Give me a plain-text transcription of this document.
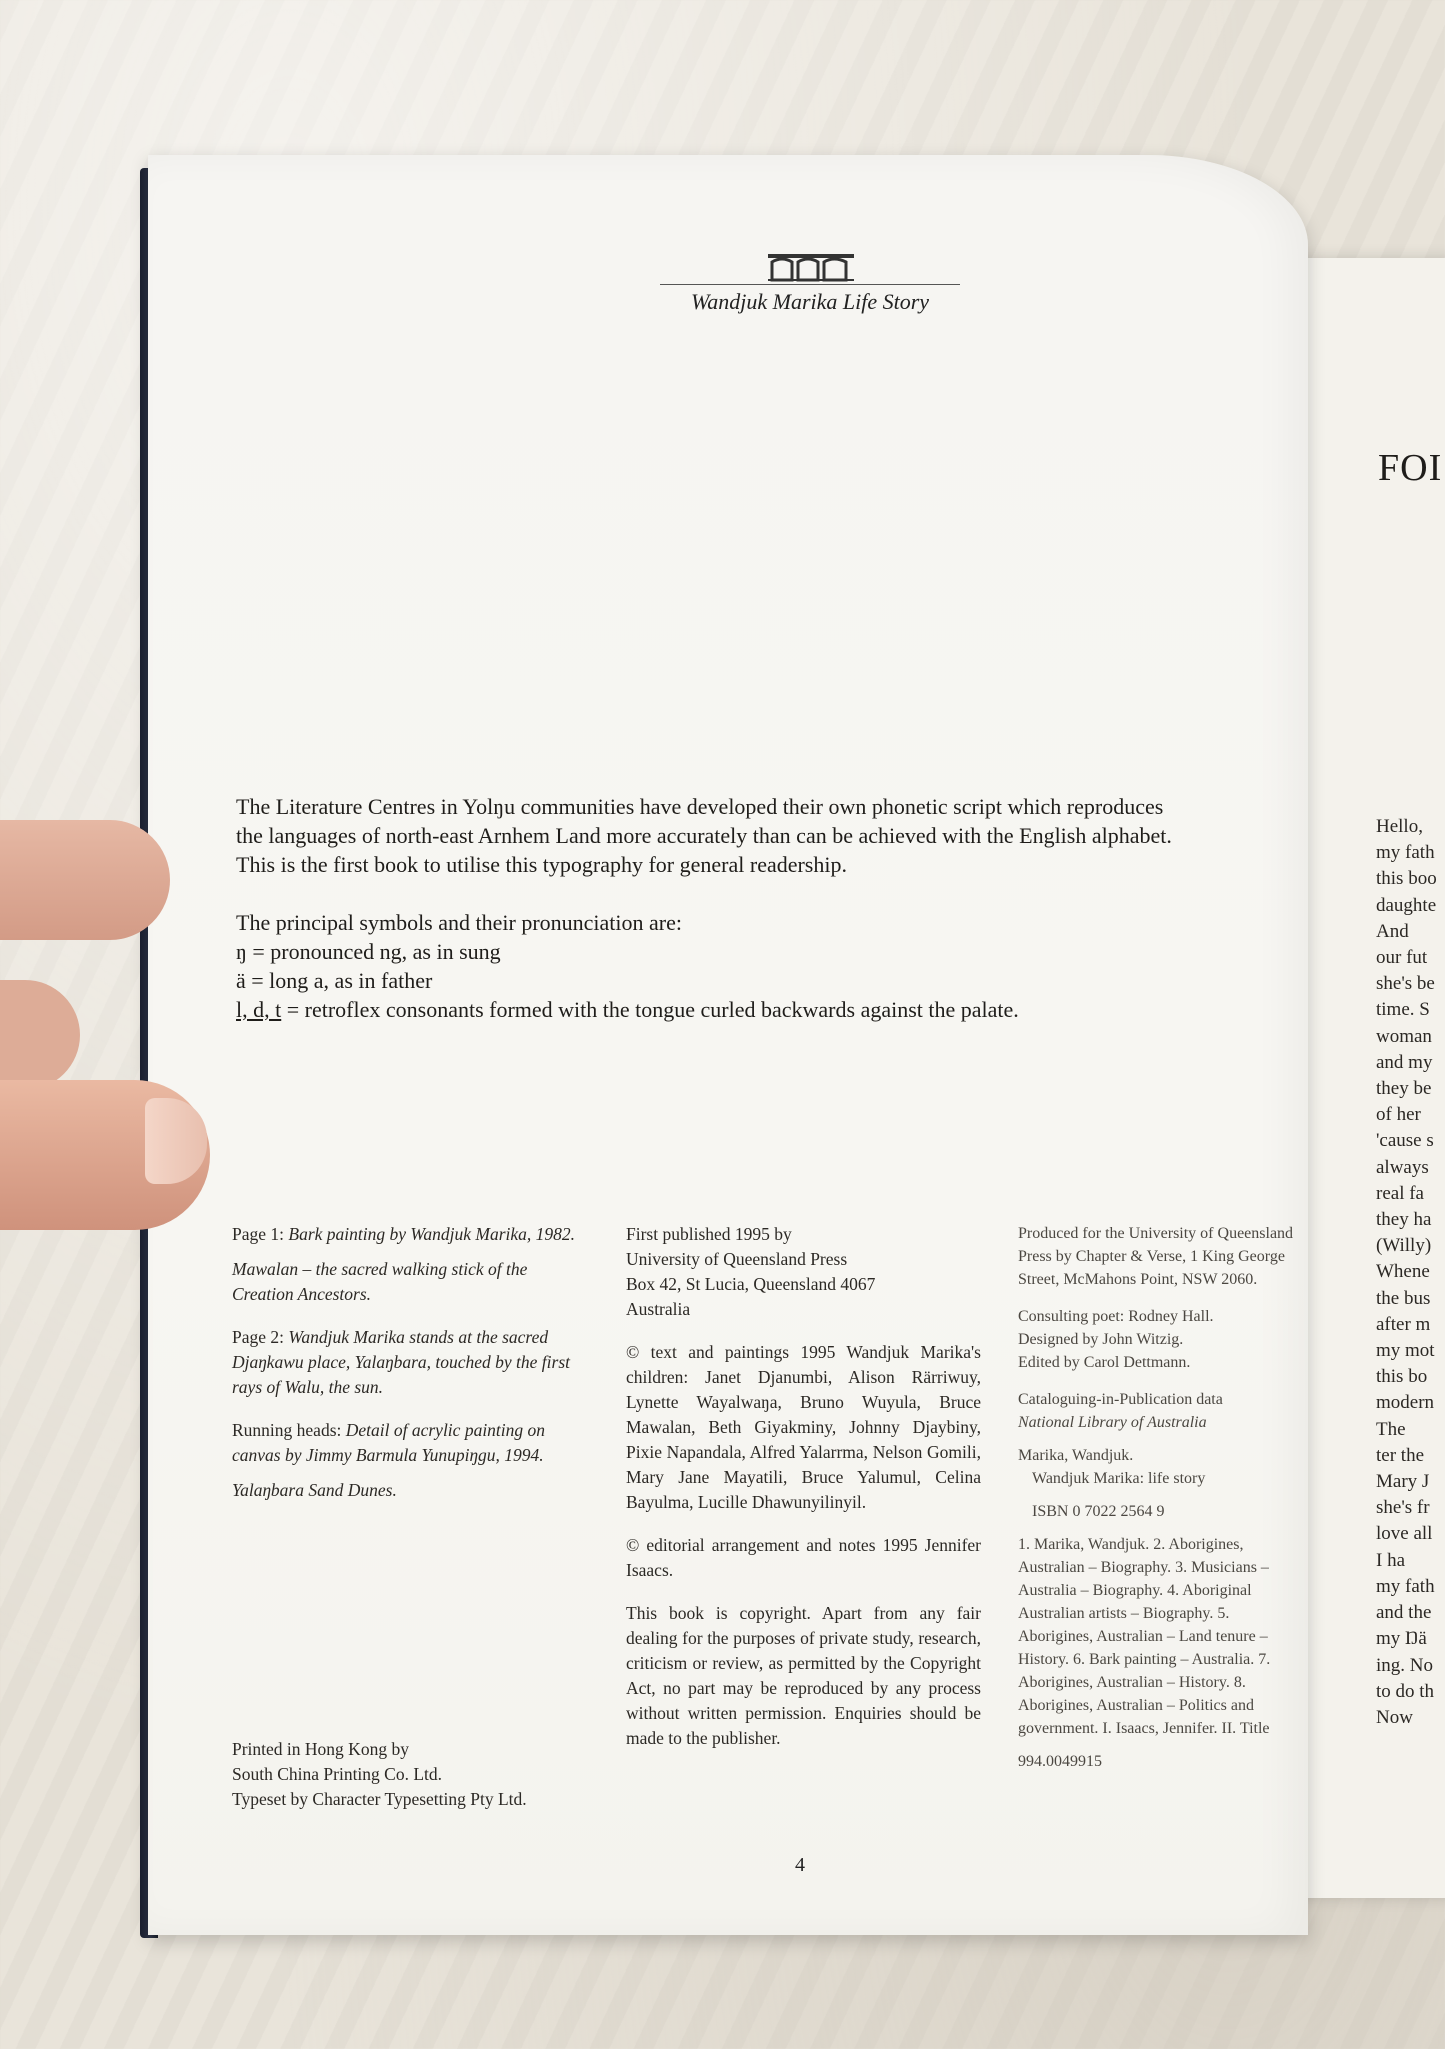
FOI
Hello,
my fath
this boo
daughte
And
our fut
she's be
time. S
woman
and my
they be
of her
'cause s
always
real fa
they ha
(Willy)
Whene
the bus
after m
my mot
this bo
modern
The
ter the
Mary J
she's fr
love all
I ha
my fath
and the
my Ŋä
ing. No
to do th
Now
Wandjuk Marika Life Story

The Literature Centres in Yolŋu communities have developed their own phonetic script which reproduces

the languages of north-east Arnhem Land more accurately than can be achieved with the English alphabet.

This is the first book to utilise this typography for general readership.

The principal symbols and their pronunciation are:

ŋ = pronounced ng, as in sung

ä = long a, as in father

l, d, t = retroflex consonants formed with the tongue curled backwards against the palate.

Page 1: Bark painting by Wandjuk Marika, 1982.

Mawalan – the sacred walking stick of the Creation Ancestors.

Page 2: Wandjuk Marika stands at the sacred Djaŋkawu place, Yalaŋbara, touched by the first rays of Walu, the sun.

Running heads: Detail of acrylic painting on canvas by Jimmy Barmula Yunupiŋgu, 1994.

Yalaŋbara Sand Dunes.

Printed in Hong Kong by
South China Printing Co. Ltd.
Typeset by Character Typesetting Pty Ltd.

First published 1995 by
University of Queensland Press
Box 42, St Lucia, Queensland 4067
Australia

© text and paintings 1995 Wandjuk Marika's children: Janet Djanumbi, Alison Rärriwuy, Lynette Wayalwaŋa, Bruno Wuyula, Bruce Mawalan, Beth Giyakminy, Johnny Djaybiny, Pixie Napandala, Alfred Yalarrma, Nelson Gomili, Mary Jane Mayatili, Bruce Yalumul, Celina Bayulma, Lucille Dhawunyilinyil.

© editorial arrangement and notes 1995 Jennifer Isaacs.

This book is copyright. Apart from any fair dealing for the purposes of private study, research, criticism or review, as permitted by the Copyright Act, no part may be reproduced by any process without written permission. Enquiries should be made to the publisher.

Produced for the University of Queensland Press by Chapter & Verse, 1 King George Street, McMahons Point, NSW 2060.

Consulting poet: Rodney Hall.
Designed by John Witzig.
Edited by Carol Dettmann.

Cataloguing-in-Publication data
National Library of Australia

Marika, Wandjuk.
Wandjuk Marika: life story

ISBN 0 7022 2564 9

1. Marika, Wandjuk. 2. Aborigines, Australian – Biography. 3. Musicians – Australia – Biography. 4. Aboriginal Australian artists – Biography. 5. Aborigines, Australian – Land tenure – History. 6. Bark painting – Australia. 7. Aborigines, Australian – History. 8. Aborigines, Australian – Politics and government. I. Isaacs, Jennifer. II. Title

994.0049915

4
